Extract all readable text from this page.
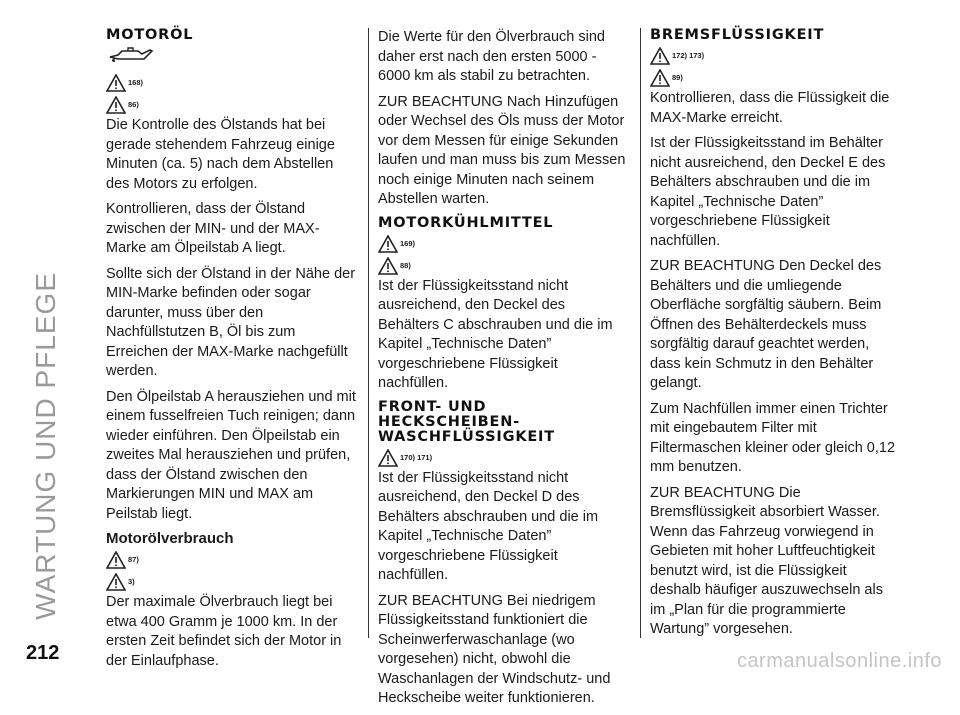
WARTUNG UND PFLEGE
MOTORÖL
168)
86)

Die Kontrolle des Ölstands hat bei gerade stehendem Fahrzeug einige Minuten (ca. 5) nach dem Abstellen des Motors zu erfolgen.

Kontrollieren, dass der Ölstand zwischen der MIN- und der MAX-Marke am Ölpeilstab A liegt.

Sollte sich der Ölstand in der Nähe der MIN-Marke befinden oder sogar darunter, muss über den Nachfüllstutzen B, Öl bis zum Erreichen der MAX-Marke nachgefüllt werden.

Den Ölpeilstab A herausziehen und mit einem fusselfreien Tuch reinigen; dann wieder einführen. Den Ölpeilstab ein zweites Mal herausziehen und prüfen, dass der Ölstand zwischen den Markierungen MIN und MAX am Peilstab liegt.

Motorölverbrauch
87)
3)

Der maximale Ölverbrauch liegt bei etwa 400 Gramm je 1000 km. In der ersten Zeit befindet sich der Motor in der Einlaufphase.

Die Werte für den Ölverbrauch sind daher erst nach den ersten 5000 - 6000 km als stabil zu betrachten.

ZUR BEACHTUNG Nach Hinzufügen oder Wechsel des Öls muss der Motor vor dem Messen für einige Sekunden laufen und man muss bis zum Messen noch einige Minuten nach seinem Abstellen warten.

MOTORKÜHLMITTEL
169)
88)

Ist der Flüssigkeitsstand nicht ausreichend, den Deckel des Behälters C abschrauben und die im Kapitel „Technische Daten” vorgeschriebene Flüssigkeit nachfüllen.

FRONT- UND
HECKSCHEIBEN-
WASCHFLÜSSIGKEIT
170) 171)

Ist der Flüssigkeitsstand nicht ausreichend, den Deckel D des Behälters abschrauben und die im Kapitel „Technische Daten” vorgeschriebene Flüssigkeit nachfüllen.

ZUR BEACHTUNG Bei niedrigem Flüssigkeitsstand funktioniert die Scheinwerferwaschanlage (wo vorgesehen) nicht, obwohl die Waschanlagen der Windschutz- und Heckscheibe weiter funktionieren.

BREMSFLÜSSIGKEIT
172) 173)
89)

Kontrollieren, dass die Flüssigkeit die MAX-Marke erreicht.

Ist der Flüssigkeitsstand im Behälter nicht ausreichend, den Deckel E des Behälters abschrauben und die im Kapitel „Technische Daten” vorgeschriebene Flüssigkeit nachfüllen.

ZUR BEACHTUNG Den Deckel des Behälters und die umliegende Oberfläche sorgfältig säubern. Beim Öffnen des Behälterdeckels muss sorgfältig darauf geachtet werden, dass kein Schmutz in den Behälter gelangt.

Zum Nachfüllen immer einen Trichter mit eingebautem Filter mit Filtermaschen kleiner oder gleich 0,12 mm benutzen.

ZUR BEACHTUNG Die Bremsflüssigkeit absorbiert Wasser. Wenn das Fahrzeug vorwiegend in Gebieten mit hoher Luftfeuchtigkeit benutzt wird, ist die Flüssigkeit deshalb häufiger auszuwechseln als im „Plan für die programmierte Wartung” vorgesehen.

212	carmanualsonline.info
